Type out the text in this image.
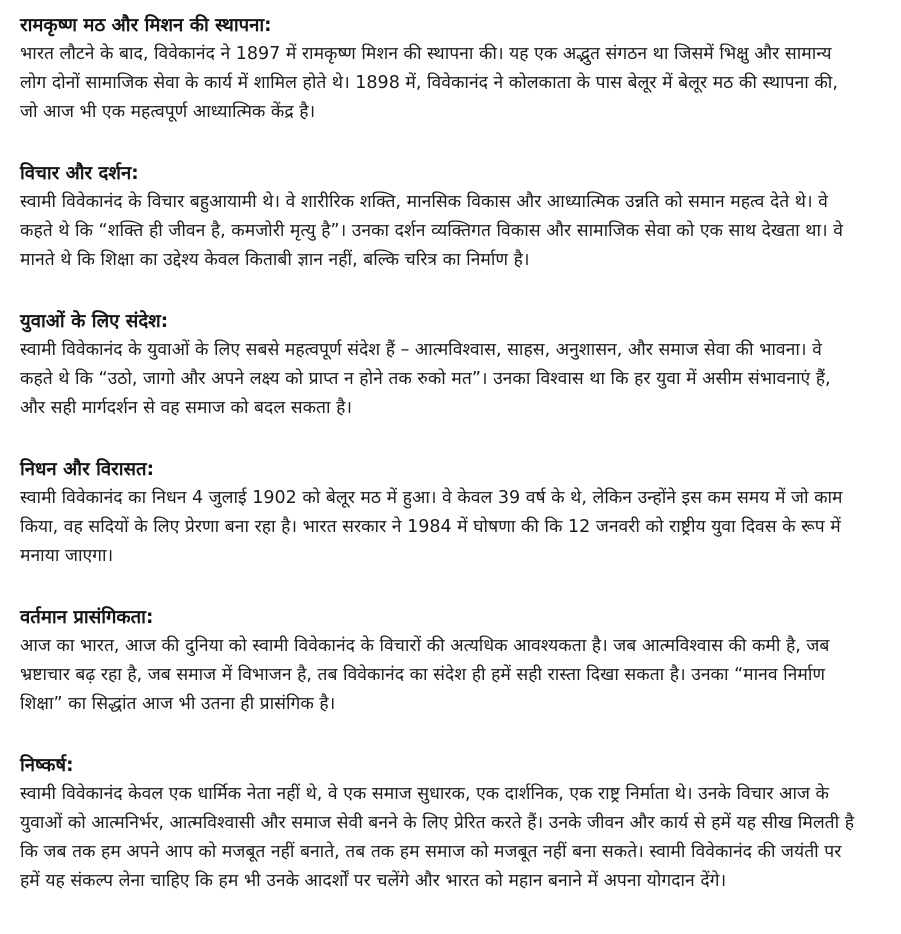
रामकृष्ण मठ और मिशन की स्थापना:

भारत लौटने के बाद, विवेकानंद ने 1897 में रामकृष्ण मिशन की स्थापना की। यह एक अद्भुत संगठन था जिसमें भिक्षु और सामान्य लोग दोनों सामाजिक सेवा के कार्य में शामिल होते थे। 1898 में, विवेकानंद ने कोलकाता के पास बेलूर में बेलूर मठ की स्थापना की, जो आज भी एक महत्वपूर्ण आध्यात्मिक केंद्र है।

विचार और दर्शन:

स्वामी विवेकानंद के विचार बहुआयामी थे। वे शारीरिक शक्ति, मानसिक विकास और आध्यात्मिक उन्नति को समान महत्व देते थे। वे कहते थे कि “शक्ति ही जीवन है, कमजोरी मृत्यु है”। उनका दर्शन व्यक्तिगत विकास और सामाजिक सेवा को एक साथ देखता था। वे मानते थे कि शिक्षा का उद्देश्य केवल किताबी ज्ञान नहीं, बल्कि चरित्र का निर्माण है।

युवाओं के लिए संदेश:

स्वामी विवेकानंद के युवाओं के लिए सबसे महत्वपूर्ण संदेश हैं – आत्मविश्वास, साहस, अनुशासन, और समाज सेवा की भावना। वे कहते थे कि “उठो, जागो और अपने लक्ष्य को प्राप्त न होने तक रुको मत”। उनका विश्वास था कि हर युवा में असीम संभावनाएं हैं, और सही मार्गदर्शन से वह समाज को बदल सकता है।

निधन और विरासत:

स्वामी विवेकानंद का निधन 4 जुलाई 1902 को बेलूर मठ में हुआ। वे केवल 39 वर्ष के थे, लेकिन उन्होंने इस कम समय में जो काम किया, वह सदियों के लिए प्रेरणा बना रहा है। भारत सरकार ने 1984 में घोषणा की कि 12 जनवरी को राष्ट्रीय युवा दिवस के रूप में मनाया जाएगा।

वर्तमान प्रासंगिकता:

आज का भारत, आज की दुनिया को स्वामी विवेकानंद के विचारों की अत्यधिक आवश्यकता है। जब आत्मविश्वास की कमी है, जब भ्रष्टाचार बढ़ रहा है, जब समाज में विभाजन है, तब विवेकानंद का संदेश ही हमें सही रास्ता दिखा सकता है। उनका “मानव निर्माण शिक्षा” का सिद्धांत आज भी उतना ही प्रासंगिक है।

निष्कर्ष:

स्वामी विवेकानंद केवल एक धार्मिक नेता नहीं थे, वे एक समाज सुधारक, एक दार्शनिक, एक राष्ट्र निर्माता थे। उनके विचार आज के युवाओं को आत्मनिर्भर, आत्मविश्वासी और समाज सेवी बनने के लिए प्रेरित करते हैं। उनके जीवन और कार्य से हमें यह सीख मिलती है कि जब तक हम अपने आप को मजबूत नहीं बनाते, तब तक हम समाज को मजबूत नहीं बना सकते। स्वामी विवेकानंद की जयंती पर हमें यह संकल्प लेना चाहिए कि हम भी उनके आदर्शों पर चलेंगे और भारत को महान बनाने में अपना योगदान देंगे।
